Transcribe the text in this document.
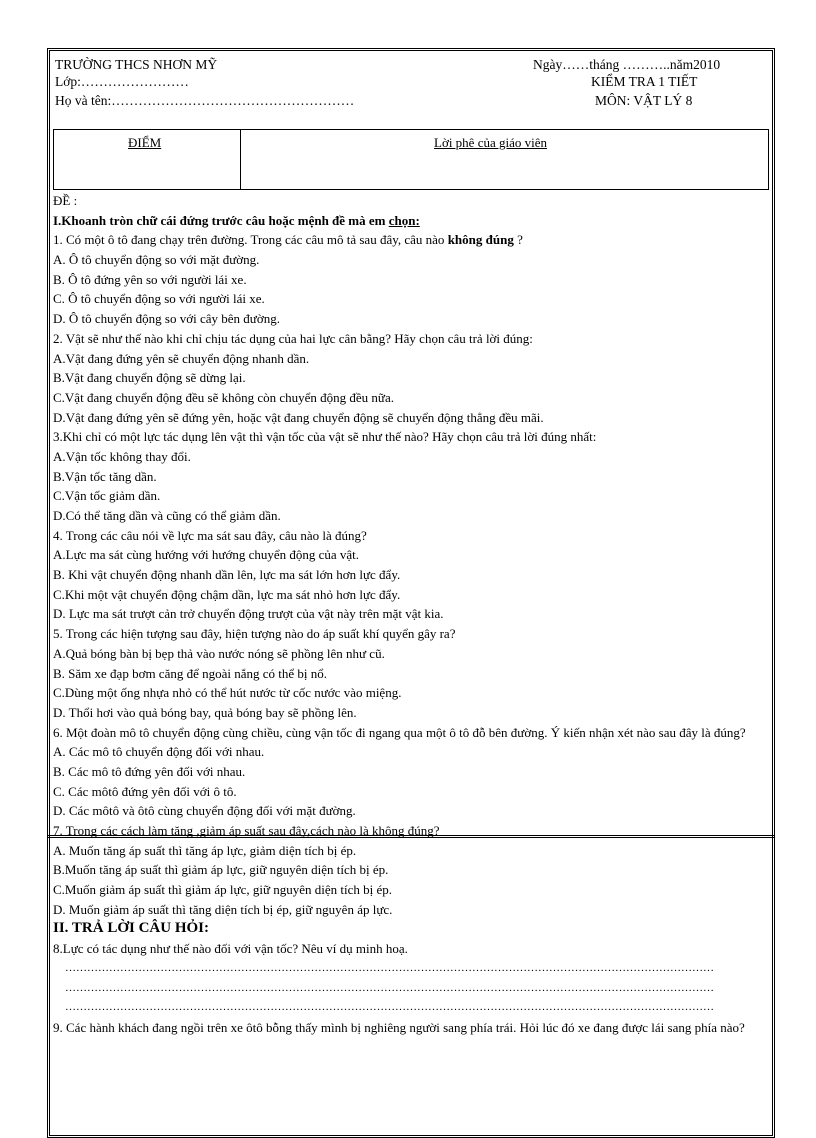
TRƯỜNG THCS NHƠN MỸ
Lớp:……………………
Họ và tên:………………………………………………
Ngày……tháng ………..năm2010
KIỂM TRA 1 TIẾT
MÔN: VẬT LÝ 8
ĐIỂM	Lời phê của giáo viên
ĐỀ :
I.Khoanh tròn chữ cái đứng trước câu hoặc mệnh đề mà em chọn:
1. Có một ô tô đang chạy trên đường. Trong các câu mô tả sau đây, câu nào không đúng ?
A. Ô tô chuyển động so với mặt đường.
B. Ô tô đứng yên so với người lái xe.
C. Ô tô chuyển động so với người lái xe.
D. Ô tô chuyển động so với cây bên đường.
2. Vật sẽ như thế nào khi chỉ chịu tác dụng của hai lực cân bằng? Hãy chọn câu trả lời đúng:
A.Vật đang đứng yên sẽ chuyển động nhanh dần.
B.Vật đang chuyển động sẽ dừng lại.
C.Vật đang chuyển động đều sẽ không còn chuyển động đều nữa.
D.Vật đang đứng yên sẽ đứng yên, hoặc vật đang chuyển động sẽ chuyển động thẳng đều mãi.
3.Khi chỉ có một lực tác dụng lên vật thì vận tốc của vật sẽ như thế nào? Hãy chọn câu trả lời đúng nhất:
A.Vận tốc không thay đổi.
B.Vận tốc tăng dần.
C.Vận tốc giảm dần.
D.Có thể tăng dần và cũng có thể giảm dần.
4. Trong các câu nói về lực ma sát sau đây, câu nào là đúng?
A.Lực ma sát cùng hướng với hướng chuyển động của vật.
B. Khi vật chuyển động nhanh dần lên, lực ma sát lớn hơn lực đẩy.
C.Khi một vật chuyển động chậm dần, lực ma sát nhỏ hơn lực đẩy.
D. Lực ma sát trượt cản trở chuyển động trượt của vật này trên mặt vật kia.
5. Trong các hiện tượng sau đây, hiện tượng nào do áp suất khí quyển gây ra?
A.Quả bóng bàn bị bẹp thả vào nước nóng sẽ phồng lên như cũ.
B. Săm xe đạp bơm căng để ngoài nắng có thể bị nổ.
C.Dùng một ống nhựa nhỏ có thể hút nước từ cốc nước vào miệng.
D. Thổi hơi vào quả bóng bay, quả bóng bay sẽ phồng lên.
6. Một đoàn mô tô chuyển động cùng chiều, cùng vận tốc đi ngang qua một ô tô đỗ bên đường. Ý kiến nhận xét nào sau đây là đúng?
A. Các mô tô chuyển động đối với nhau.
B. Các mô tô đứng yên đối với nhau.
C. Các môtô đứng yên đối với ô tô.
D. Các môtô và ôtô cùng chuyển động đối với mặt đường.
7. Trong các cách làm tăng ,giảm áp suất sau đây,cách nào là không đúng?
A. Muốn tăng áp suất thì tăng áp lực, giảm diện tích bị ép.
B.Muốn tăng áp suất thì giảm áp lực, giữ nguyên diện tích bị ép.
C.Muốn giảm áp suất thì giảm áp lực, giữ nguyên diện tích bị ép.
D. Muốn giảm áp suất thì tăng diện tích bị ép, giữ nguyên áp lực.
II. TRẢ LỜI CÂU HỎI:
8.Lực có tác dụng như thế nào đối với vận tốc? Nêu ví dụ minh hoạ.
……………………………………………………………………………………………………………………………………………………………
……………………………………………………………………………………………………………………………………………………………
……………………………………………………………………………………………………………………………………………………………
9. Các hành khách đang ngồi trên xe ôtô bỗng thấy mình bị nghiêng người sang phía trái. Hỏi lúc đó xe đang được lái sang phía nào?
